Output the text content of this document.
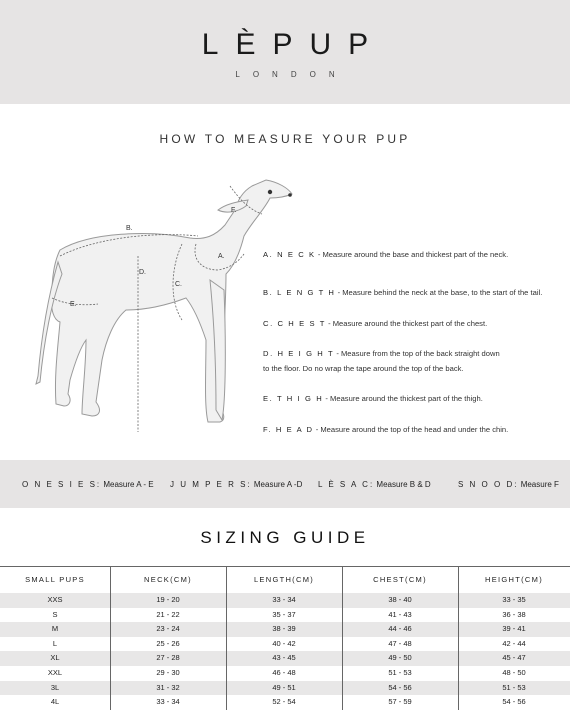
LÈPUP
LONDON
HOW TO MEASURE YOUR PUP
B.
D.
C.
A.
E.
F.
A. N E C K - Measure around the base and thickest part of the neck.
B. L E N G T H - Measure behind the neck at the base, to the start of the tail.
C. C H E S T - Measure around the thickest part of the chest.
D. H E I G H T - Measure from the top of the back straight down
to the floor. Do no wrap the tape around the top of the back.
E. T H I G H - Measure around the thickest part of the thigh.
F. H E A D - Measure around the top of the head and under the chin.
O N E S I E S: Measure A - E J U M P E R S: Measure A -D L È S A C: Measure B & D	S N O O D: Measure F
SIZING GUIDE
XXS	19 - 20	33 - 34	38 - 40	33 - 35
S	21 - 22	35 - 37	41 - 43	36 - 38
M	23 - 24	38 - 39	44 - 46	39 - 41
L	25 - 26	40 - 42	47 - 48	42 - 44
XL	27 - 28	43 - 45	49 - 50	45 - 47
XXL	29 - 30	46 - 48	51 - 53	48 - 50
3L	31 - 32	49 - 51	54 - 56	51 - 53
4L	33 - 34	52 - 54	57 - 59	54 - 56
SMALL PUPS	NECK(CM)	LENGTH(CM)	CHEST(CM)	HEIGHT(CM)
